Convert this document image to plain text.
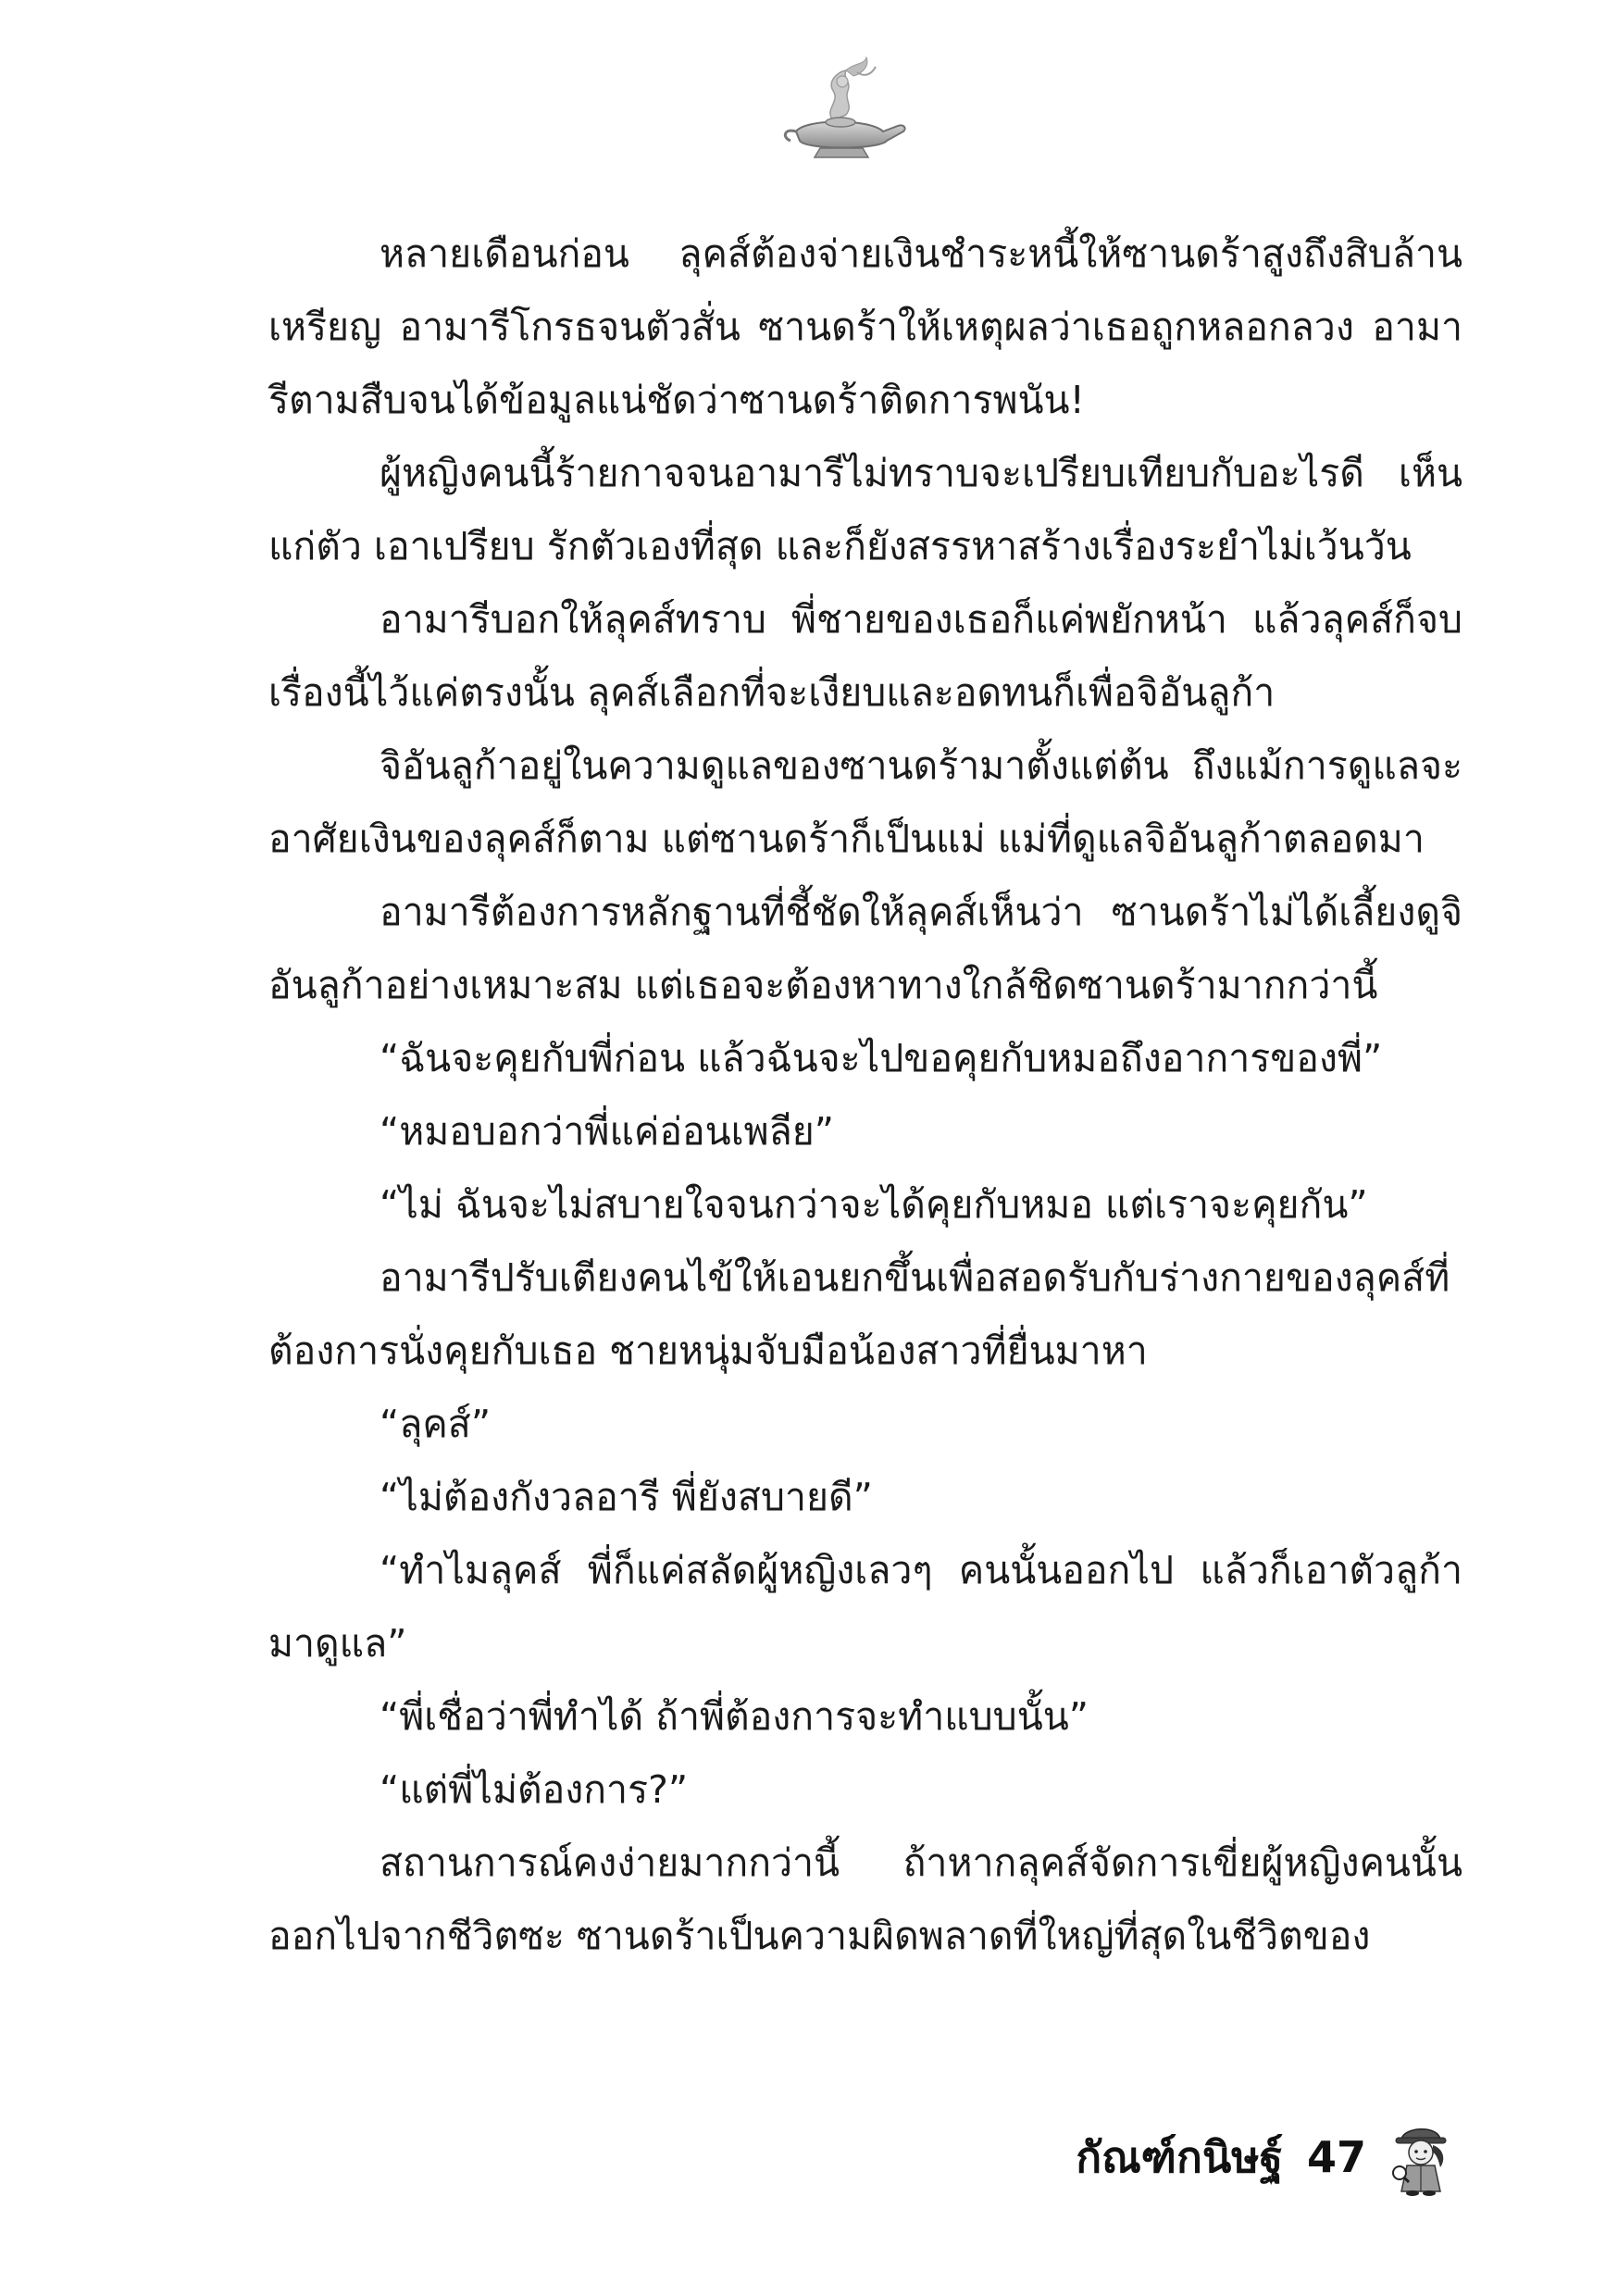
หลายเดือนก่อน ลุคส์ต้องจ่ายเงินชำระหนี้ให้ซานดร้าสูงถึงสิบล้านเหรียญ อามารีโกรธจนตัวสั่น ซานดร้าให้เหตุผลว่าเธอถูกหลอกลวง อามารีตามสืบจนได้ข้อมูลแน่ชัดว่าซานดร้าติดการพนัน!

ผู้หญิงคนนี้ร้ายกาจจนอามารีไม่ทราบจะเปรียบเทียบกับอะไรดี เห็นแก่ตัว เอาเปรียบ รักตัวเองที่สุด และก็ยังสรรหาสร้างเรื่องระยำไม่เว้นวัน

อามารีบอกให้ลุคส์ทราบ พี่ชายของเธอก็แค่พยักหน้า แล้วลุคส์ก็จบเรื่องนี้ไว้แค่ตรงนั้น ลุคส์เลือกที่จะเงียบและอดทนก็เพื่อจิอันลูก้า

จิอันลูก้าอยู่ในความดูแลของซานดร้ามาตั้งแต่ต้น ถึงแม้การดูแลจะอาศัยเงินของลุคส์ก็ตาม แต่ซานดร้าก็เป็นแม่ แม่ที่ดูแลจิอันลูก้าตลอดมา

อามารีต้องการหลักฐานที่ชี้ชัดให้ลุคส์เห็นว่า ซานดร้าไม่ได้เลี้ยงดูจิอันลูก้าอย่างเหมาะสม แต่เธอจะต้องหาทางใกล้ชิดซานดร้ามากกว่านี้

“ฉันจะคุยกับพี่ก่อน แล้วฉันจะไปขอคุยกับหมอถึงอาการของพี่”

“หมอบอกว่าพี่แค่อ่อนเพลีย”

“ไม่ ฉันจะไม่สบายใจจนกว่าจะได้คุยกับหมอ แต่เราจะคุยกัน”

อามารีปรับเตียงคนไข้ให้เอนยกขึ้นเพื่อสอดรับกับร่างกายของลุคส์ที่ต้องการนั่งคุยกับเธอ ชายหนุ่มจับมือน้องสาวที่ยื่นมาหา

“ลุคส์”

“ไม่ต้องกังวลอารี พี่ยังสบายดี”

“ทำไมลุคส์ พี่ก็แค่สลัดผู้หญิงเลวๆ คนนั้นออกไป แล้วก็เอาตัวลูก้ามาดูแล”

“พี่เชื่อว่าพี่ทำได้ ถ้าพี่ต้องการจะทำแบบนั้น”

“แต่พี่ไม่ต้องการ?”

สถานการณ์คงง่ายมากกว่านี้ ถ้าหากลุคส์จัดการเขี่ยผู้หญิงคนนั้นออกไปจากชีวิตซะ ซานดร้าเป็นความผิดพลาดที่ใหญ่ที่สุดในชีวิตของ

กัณฑ์กนิษฐ์ 47
